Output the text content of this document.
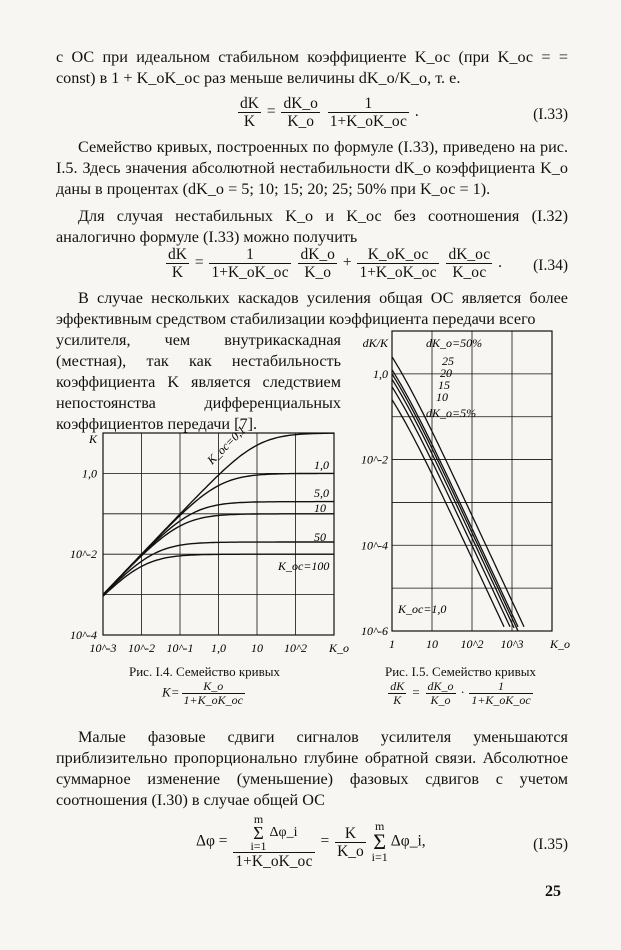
с ОС при идеальном стабильном коэффициенте K_ос (при K_ос = = const) в 1 + K_оK_ос раз меньше величины dK_о/K_о, т. е.

$\frac{dK}{K}$ = dK_о
K_о

1
1+K_оK_ос
.	(I.33)

Семейство кривых, построенных по формуле (I.33), приведено на рис. I.5. Здесь значения абсолютной нестабильности dK_о коэффициента K_о даны в процентах (dK_о = 5; 10; 15; 20; 25; 50% при K_ос = 1).

Для случая нестабильных K_о и K_ос без соотношения (I.32) аналогично формуле (I.33) можно получить

$\frac{dK}{K}$ =	1
1+K_оK_ос

dK_о
K_о
+	K_оK_ос
1+K_оK_ос

dK_ос
K_ос
. (I.34)

В случае нескольких каскадов усиления общая ОС является более эффективным средством стабилизации коэффициента передачи всего

усилителя, чем внутрикаскадная (местная), так как нестабильность коэффициента K является следствием непостоянства дифференциальных коэффициентов передачи [7].

10^-3 10^-2 10^-1 1,0 10 10^2 K_о
K
1,0
10^-2
10^-4
K_ос=0,1	1,0
5,0
10
50
K_ос=100
Рис. I.4. Семейство кривых
K=	K_о
1+K_оK_ос
1	10 10^2 10^3 K_о
dK/K
1,0
10^-2
10^-4
10^-6
dK_о=50%
25
20
15
10
dK_о=5%
K_ос=1,0
Рис. I.5. Семейство кривых
$\frac{dK}{K}$ = dK_о
K_о
·	1
1+K_оK_ос

Малые фазовые сдвиги сигналов усилителя уменьшаются приблизительно пропорционально глубине обратной связи. Абсолютное суммарное изменение (уменьшение) фазовых сдвигов с учетом соотношения (I.30) в случае общей ОС

Δφ =
m
Σ
i=1
Δφ_i
1+K_оK_ос
=	K
K_о

m
Σ
i=1
Δφ_i,	(I.35)
25
